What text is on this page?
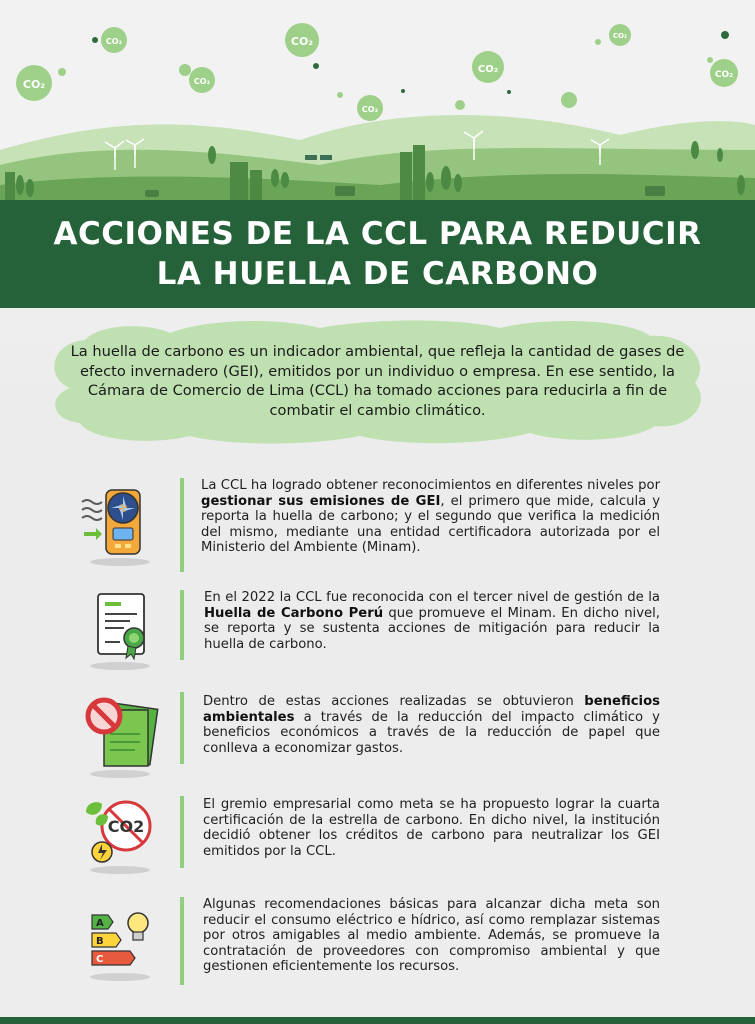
CO₂
CO₂
CO₂
CO₂
CO₂
CO₂
CO₂
CO₂
ACCIONES DE LA CCL PARA REDUCIR
LA HUELLA DE CARBONO
La huella de carbono es un indicador ambiental, que refleja la cantidad de gases de efecto invernadero (GEI), emitidos por un individuo o empresa. En ese sentido, la Cámara de Comercio de Lima (CCL) ha tomado acciones para reducirla a fin de combatir el cambio climático.
La CCL ha logrado obtener reconocimientos en diferentes niveles por gestionar sus emisiones de GEI, el primero que mide, calcula y reporta la huella de carbono; y el segundo que verifica la medición del mismo, mediante una entidad certificadora autorizada por el Ministerio del Ambiente (Minam).
En el 2022 la CCL fue reconocida con el tercer nivel de gestión de la Huella de Carbono Perú que promueve el Minam. En dicho nivel, se reporta y se sustenta acciones de mitigación para reducir la huella de carbono.
Dentro de estas acciones realizadas se obtuvieron beneficios ambientales a través de la reducción del impacto climático y beneficios económicos a través de la reducción de papel que conlleva a economizar gastos.
CO2
El gremio empresarial como meta se ha propuesto lograr la cuarta certificación de la estrella de carbono. En dicho nivel, la institución decidió obtener los créditos de carbono para neutralizar los GEI emitidos por la CCL.
A
B
C
Algunas recomendaciones básicas para alcanzar dicha meta son reducir el consumo eléctrico e hídrico, así como remplazar sistemas por otros amigables al medio ambiente. Además, se promueve la contratación de proveedores con compromiso ambiental y que gestionen eficientemente los recursos.
